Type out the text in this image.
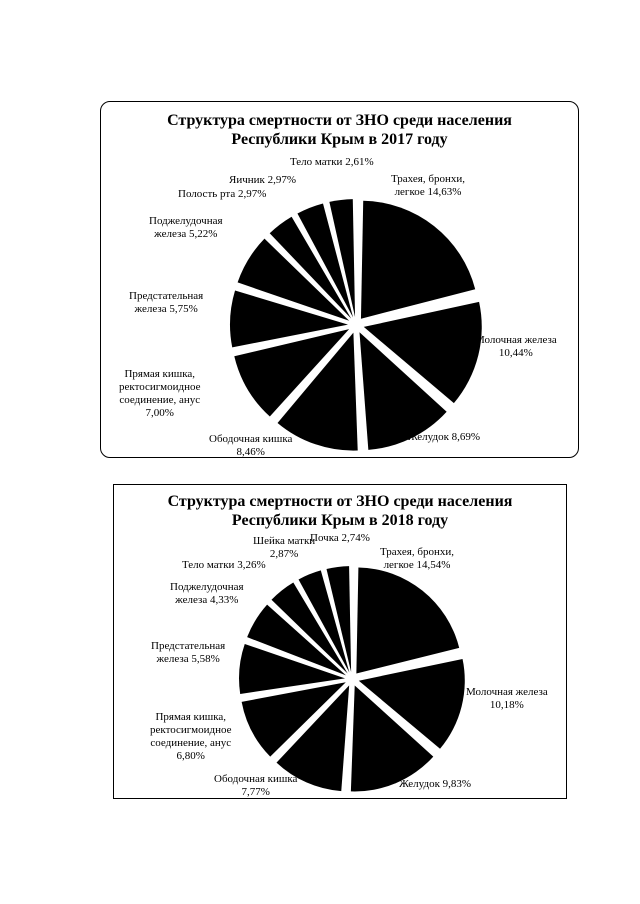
Структура смертности от ЗНО среди населения
Республики Крым в 2017 году
Трахея, бронхи,
легкое 14,63%
Молочная железа
10,44%
Желудок 8,69%
Ободочная кишка
8,46%
Прямая кишка,
ректосигмоидное
соединение, анус
7,00%
Предстательная
железа 5,75%
Поджелудочная
железа 5,22%
Полость рта 2,97%
Яичник 2,97%
Тело матки 2,61%
Структура смертности от ЗНО среди населения
Республики Крым в 2018 году
Трахея, бронхи,
легкое 14,54%
Молочная железа
10,18%
Желудок 9,83%
Ободочная кишка
7,77%
Прямая кишка,
ректосигмоидное
соединение, анус
6,80%
Предстательная
железа 5,58%
Поджелудочная
железа 4,33%
Тело матки 3,26%
Шейка матки
2,87%
Почка 2,74%
